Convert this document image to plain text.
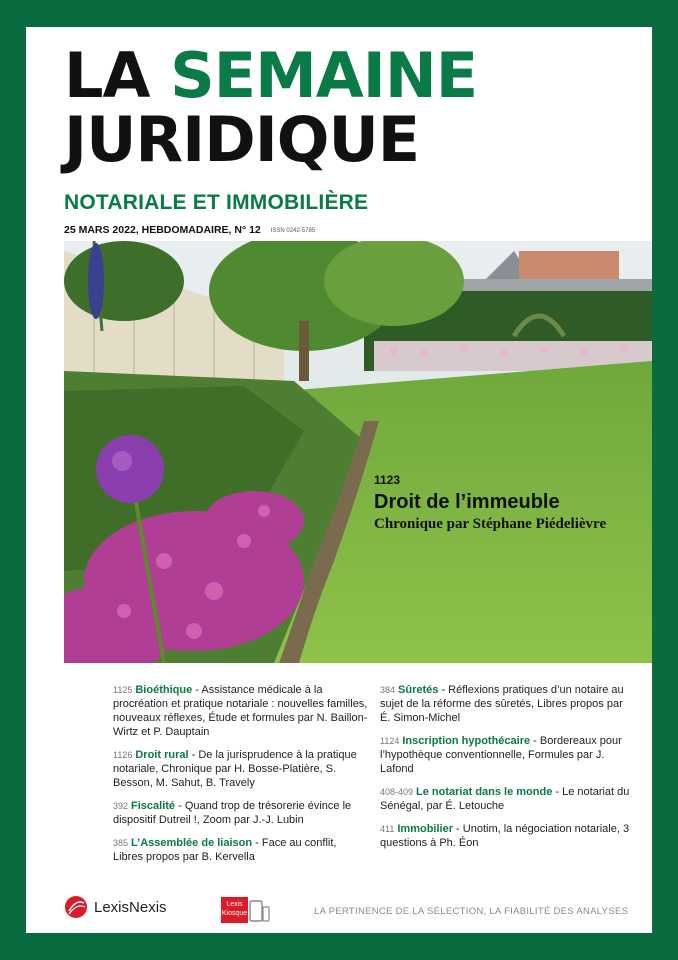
LA SEMAINE
JURIDIQUE
NOTARIALE ET IMMOBILIÈRE
25 MARS 2022, HEBDOMADAIRE, N° 12 ISSN 0242-5785
1123
Droit de l’immeuble
Chronique par Stéphane Piédelièvre
1125 Bioéthique - Assistance médicale à la procréation et pratique notariale : nouvelles familles, nouveaux réflexes, Étude et formules par N. Baillon-Wirtz et P. Dauptain
1126 Droit rural - De la jurisprudence à la pratique notariale, Chronique par H. Bosse-Platière, S. Besson, M. Sahut, B. Travely
392 Fiscalité - Quand trop de trésorerie évince le dispositif Dutreil !, Zoom par J.-J. Lubin
385 L’Assemblée de liaison - Face au conflit, Libres propos par B. Kervella
384 Sûretés - Réflexions pratiques d’un notaire au sujet de la réforme des sûretés, Libres propos par É. Simon-Michel
1124 Inscription hypothécaire - Bordereaux pour l’hypothèque conventionnelle, Formules par J. Lafond
408-409 Le notariat dans le monde - Le notariat du Sénégal, par É. Letouche
411 Immobilier - Unotim, la négociation notariale, 3 questions à Ph. Éon
LexisNexis	Lexis
Kiosque	LA PERTINENCE DE LA SÉLECTION, LA FIABILITÉ DES ANALYSES
